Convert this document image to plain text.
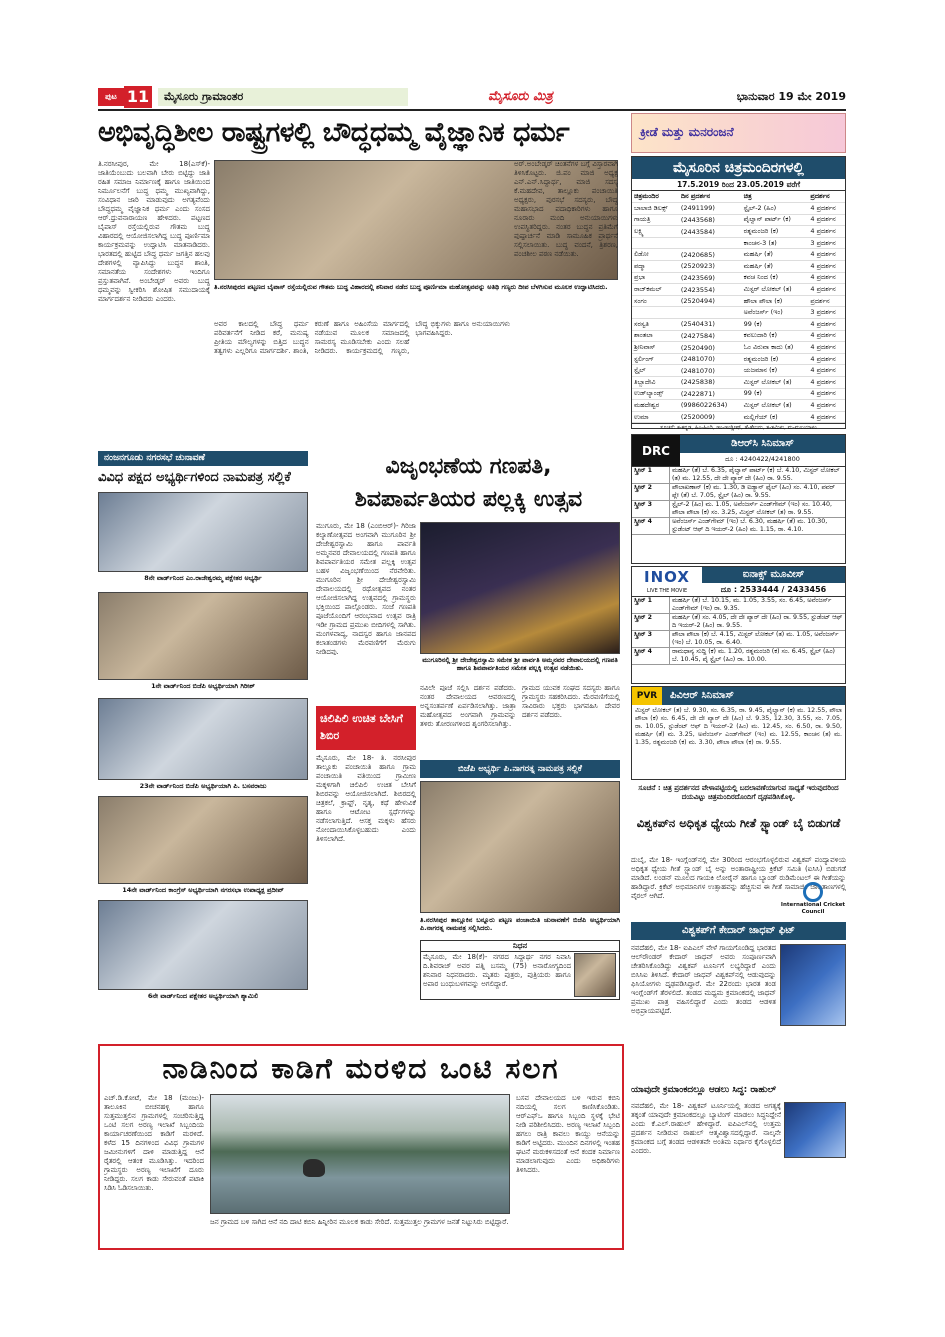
ಪುಟ 11	ಮೈಸೂರು ಗ್ರಾಮಾಂತರ	ಮೈಸೂರು ಮಿತ್ರ	ಭಾನುವಾರ 19 ಮೇ 2019
ಅಭಿವೃದ್ಧಿಶೀಲ ರಾಷ್ಟ್ರಗಳಲ್ಲಿ ಬೌದ್ಧಧಮ್ಮ ವೈಜ್ಞಾನಿಕ ಧರ್ಮ
ತಿ.ನರಸೀಪುರ, ಮೇ 18(ಎಸ್‌ಕೆ)- ಜಾತಿಯೆಂಬುದು ಬಲವಾಗಿ ಬೇರು ಬಿಟ್ಟಿದ್ದು ಜಾತಿ ರಹಿತ ಸಮಾಜ ನಿರ್ಮಾಣಕ್ಕೆ ಹಾಗೂ ಜಾತಿಯಿಂದ ನಿರ್ಮೂಲನೆಗೆ ಬುದ್ಧ ಧಮ್ಮ ಮುಖ್ಯವಾಗಿದ್ದು, ಸಂವಿಧಾನ ಜಾರಿ ಮಾಡುವುದು ಅಗತ್ಯವೆಂದು ಬೌದ್ಧಧಮ್ಮ ವೈಜ್ಞಾನಿಕ ಧರ್ಮ ಎಂದು ಸಂಸದ ಆರ್.ಧ್ರುವನಾರಾಯಣ ಹೇಳಿದರು. ಪಟ್ಟಣದ ಬೈಪಾಸ್ ರಸ್ತೆಯಲ್ಲಿರುವ ಗೌತಮ ಬುದ್ಧ ವಿಹಾರದಲ್ಲಿ ಆಯೋಜಿಸಲಾಗಿದ್ದ ಬುದ್ಧ ಪೂರ್ಣಿಮಾ ಕಾರ್ಯಕ್ರಮವನ್ನು ಉದ್ಘಾಟಿಸಿ ಮಾತನಾಡಿದರು. ಭಾರತದಲ್ಲಿ ಹುಟ್ಟಿದ ಬೌದ್ಧ ಧರ್ಮ ಜಗತ್ತಿನ ಹಲವು ದೇಶಗಳಲ್ಲಿ ವ್ಯಾಪಿಸಿದ್ದು ಬುದ್ಧನ ಶಾಂತಿ, ಸಮಾನತೆಯ ಸಂದೇಶಗಳು ಇಂದಿಗೂ ಪ್ರಸ್ತುತವಾಗಿವೆ. ಅಂಬೇಡ್ಕರ್ ಅವರು ಬುದ್ಧ ಧಮ್ಮವನ್ನು ಸ್ವೀಕರಿಸಿ ಶೋಷಿತ ಸಮುದಾಯಕ್ಕೆ ಮಾರ್ಗದರ್ಶನ ನೀಡಿದರು ಎಂದರು.
ತಿ.ನರಸೀಪುರದ ಪಟ್ಟಣದ ಬೈಪಾಸ್ ರಸ್ತೆಯಲ್ಲಿರುವ ಗೌತಮ ಬುದ್ಧ ವಿಹಾರದಲ್ಲಿ ಶನಿವಾರ ನಡೆದ ಬುದ್ಧ ಪೂರ್ಣಿಮಾ ಮಹೋತ್ಸವವನ್ನು ಅತಿಥಿ ಗಣ್ಯರು ದೀಪ ಬೆಳಗಿಸುವ ಮೂಲಕ ಉದ್ಘಾಟಿಸಿದರು.
ಅವರ ಕಾಲದಲ್ಲಿ ಬೌದ್ಧ ಧರ್ಮ ಪರಿವರ್ತನೆಗೆ ನೀಡಿದ ಕರೆ, ಮನುಷ್ಯ ಪ್ರೀತಿಯ ಮೌಲ್ಯಗಳನ್ನು ಬಿತ್ತಿದ ಬುದ್ಧನ ತತ್ವಗಳು ಎಲ್ಲರಿಗೂ ಮಾರ್ಗದರ್ಶಿ. ಶಾಂತಿ, ಕರುಣೆ ಹಾಗೂ ಅಹಿಂಸೆಯ ಮಾರ್ಗದಲ್ಲಿ ನಡೆಯುವ ಮೂಲಕ ಸಮಾಜದಲ್ಲಿ ಸಾಮರಸ್ಯ ಮೂಡಿಸಬೇಕು ಎಂದು ಸಲಹೆ ನೀಡಿದರು. ಕಾರ್ಯಕ್ರಮದಲ್ಲಿ ಗಣ್ಯರು, ಬೌದ್ಧ ಭಿಕ್ಕುಗಳು ಹಾಗೂ ಅನುಯಾಯಿಗಳು ಭಾಗವಹಿಸಿದ್ದರು.
ಅರ್.ಅಂಬೇಡ್ಕರ್ ಚಿಂತನೆಗಳ ಬಗ್ಗೆ ವಿಸ್ತಾರವಾಗಿ ತಿಳಿಸಿಕೊಟ್ಟರು. ಜಿ.ಪಂ ಮಾಜಿ ಅಧ್ಯಕ್ಷ ಎನ್.ಎನ್.ಸಿದ್ದಾರ್ಥ, ಮಾಜಿ ಸದಸ್ಯ ಕೆ.ಮಹದೇವ, ತಾಲ್ಲೂಕು ಪಂಚಾಯಿತಿ ಅಧ್ಯಕ್ಷರು, ಪುರಸಭೆ ಸದಸ್ಯರು, ಬೌದ್ಧ ಮಹಾಸಭಾದ ಪದಾಧಿಕಾರಿಗಳು ಹಾಗೂ ನೂರಾರು ಮಂದಿ ಅನುಯಾಯಿಗಳು ಉಪಸ್ಥಿತರಿದ್ದರು. ನಂತರ ಬುದ್ಧನ ಪ್ರತಿಮೆಗೆ ಪುಷ್ಪಾರ್ಚನೆ ಮಾಡಿ ಸಾಮೂಹಿಕ ಪ್ರಾರ್ಥನೆ ಸಲ್ಲಿಸಲಾಯಿತು. ಬುದ್ಧ ವಂದನೆ, ತ್ರಿಶರಣ, ಪಂಚಶೀಲ ಪಠಣ ನಡೆಯಿತು.
ಕ್ರೀಡೆ ಮತ್ತು ಮನರಂಜನೆ
ಮೈಸೂರಿನ ಚಿತ್ರಮಂದಿರಗಳಲ್ಲಿ
17.5.2019 ರಿಂದ 23.05.2019 ವರೆಗೆ
ಚಿತ್ರಮಂದಿರ	ದಿನ ಪ್ರದರ್ಶನ	ಚಿತ್ರ	ಪ್ರದರ್ಶನ
ಬಾಲಾಜಿ ಡಿಲಕ್ಸ್	(2491199)	ಸ್ಟೈಲ್-2 (ಹಿಂ)	4 ಪ್ರದರ್ಶನ
ಗಾಯತ್ರಿ	(2443568)	ಪೈಲ್ವಾನ್ ಪಾರ್ಟ್ (ಕ)	4 ಪ್ರದರ್ಶನ
ಲಕ್ಷ್ಮಿ	(2443584)	ರತ್ನಮಂಜರಿ (ಕ)	4 ಪ್ರದರ್ಶನ
		ಕಾಂಚನ-3 (ತ)	3 ಪ್ರದರ್ಶನ
ಲಿಡೋ	(2420685)	ಮಹರ್ಷಿ (ತೆ)	4 ಪ್ರದರ್ಶನ
ಪದ್ಮಾ	(2520923)	ಮಹರ್ಷಿ (ತೆ)	4 ಪ್ರದರ್ಶನ
ಪ್ರಭಾ	(2423569)	ಕವಚ ನಿಂದ (ಕ)	4 ಪ್ರದರ್ಶನ
ರಾಜ್‌ಕಮಲ್	(2423554)	ಮಿಸ್ಟರ್ ಲೋಕಲ್ (ತ)	4 ಪ್ರದರ್ಶನ
ಸಂಗಂ	(2520494)	ಹೌಲಾ ಪೌಲಾ (ಕ)	ಪ್ರದರ್ಶನ
		ಅವೆಂಜರ್ಸ್ (ಇಂ)	3 ಪ್ರದರ್ಶನ
ಸರಸ್ವತಿ	(2540431)	99 (ಕ)	4 ಪ್ರದರ್ಶನ
ಶಾಂತಲಾ	(2427584)	ಕವಲುದಾರಿ (ಕ)	4 ಪ್ರದರ್ಶನ
ಶ್ರೀನಿವಾಸ್	(2520490)	ಓಂ ವಿರುವಾ ಕಾದು (ತ)	4 ಪ್ರದರ್ಶನ
ಸ್ಟರ್ಲಿಂಗ್	(2481070)	ರತ್ನಮಂಜರಿ (ಕ)	4 ಪ್ರದರ್ಶನ
ಸ್ಟೈಲ್	(2481070)	ಯಜಮಾನ (ಕ)	4 ಪ್ರದರ್ಶನ
ತಿಬ್ಬಾದೇವಿ	(2425838)	ಮಿಸ್ಟರ್ ಲೋಕಲ್ (ತ)	4 ಪ್ರದರ್ಶನ
ಉಡ್‌ಲ್ಯಾಂಡ್ಸ್	(2422871)	99 (ಕ)	4 ಪ್ರದರ್ಶನ
ಮಹದೇಶ್ವರ	(9986022634)	ಮಿಸ್ಟರ್ ಲೋಕಲ್ (ತ)	4 ಪ್ರದರ್ಶನ
ಉಮಾ	(2520009)	ಮಲ್ಲಿಗೆಯ್ (ಕ)	4 ಪ್ರದರ್ಶನ
ಸೂಚನೆ: ಕ-ಕನ್ನಡ, ಹಿಂ-ಹಿಂದಿ, ಇಂ-ಇಂಗ್ಲೀಷ್, ತೆ-ತೆಲುಗು, ತ-ತಮಿಳು, ಮ-ಮಲಯಾಳಂ
ನಂಜನಗೂಡು ನಗರಸಭೆ ಚುನಾವಣೆ
ವಿವಿಧ ಪಕ್ಷದ ಅಭ್ಯರ್ಥಿಗಳಿಂದ ನಾಮಪತ್ರ ಸಲ್ಲಿಕೆ
8ನೇ ವಾರ್ಡ್‌ನಿಂದ ಎಂ.ರಾಜೇಶ್ವರಮ್ಮ ಪಕ್ಷೇತರ ಅಭ್ಯರ್ಥಿ
1ನೇ ವಾರ್ಡ್‌ನಿಂದ ಬಿಜೆಪಿ ಅಭ್ಯರ್ಥಿಯಾಗಿ ಗಿರೀಶ್
23ನೇ ವಾರ್ಡ್‌ನಿಂದ ಬಿಜೆಪಿ ಅಭ್ಯರ್ಥಿಯಾಗಿ ಪಿ. ಬಸವರಾಜು
14ನೇ ವಾರ್ಡ್‌ನಿಂದ ಕಾಂಗ್ರೆಸ್ ಅಭ್ಯರ್ಥಿಯಾಗಿ ನಗರಸಭಾ ಉಪಾಧ್ಯಕ್ಷ ಪ್ರದೀಪ್
6ನೇ ವಾರ್ಡ್‌ನಿಂದ ಪಕ್ಷೇತರ ಅಭ್ಯರ್ಥಿಯಾಗಿ ಶ್ಯಾಮಿಲಿ
ವಿಜೃಂಭಣೆಯ ಗಣಪತಿ,
ಶಿವಪಾರ್ವತಿಯರ ಪಲ್ಲಕ್ಕಿ ಉತ್ಸವ
ಮುಗೂರು, ಮೇ 18 (ಎಂಬಿಆರ್)- ಗಿರಿಜಾ ಕಲ್ಯಾಣೋತ್ಸವದ ಅಂಗವಾಗಿ ಮುಗೂರಿನ ಶ್ರೀ ದೇಜೇಶ್ವರಸ್ವಾಮಿ ಹಾಗೂ ಪಾರ್ವತಿ ಅಮ್ಮನವರ ದೇವಾಲಯದಲ್ಲಿ ಗಣಪತಿ ಹಾಗೂ ಶಿವಪಾರ್ವತಿಯರ ಸಮೇತ ಪಲ್ಲಕ್ಕಿ ಉತ್ಸವ ಬಹಳ ವಿಜೃಂಭಣೆಯಿಂದ ನೆರವೇರಿತು. ಮುಗೂರಿನ ಶ್ರೀ ದೇಜೇಶ್ವರಸ್ವಾಮಿ ದೇವಾಲಯದಲ್ಲಿ ರಥೋತ್ಸವದ ನಂತರ ಆಯೋಜಿಸಲಾಗಿದ್ದ ಉತ್ಸವದಲ್ಲಿ ಗ್ರಾಮಸ್ಥರು ಭಕ್ತಿಯಿಂದ ಪಾಲ್ಗೊಂಡರು. ಸಂಜೆ ಗಣಪತಿ ಪೂಜೆಯೊಂದಿಗೆ ಆರಂಭವಾದ ಉತ್ಸವ ರಾತ್ರಿ ಇಡೀ ಗ್ರಾಮದ ಪ್ರಮುಖ ಬೀದಿಗಳಲ್ಲಿ ಸಾಗಿತು. ಮಂಗಳವಾದ್ಯ, ನಾದಸ್ವರ ಹಾಗೂ ಜಾನಪದ ಕಲಾತಂಡಗಳು ಮೆರವಣಿಗೆಗೆ ಮೆರುಗು ನೀಡಿದವು.
ಮುಗೂರಿನಲ್ಲಿ ಶ್ರೀ ದೇಜೇಶ್ವರಸ್ವಾಮಿ ಸಮೇತ ಶ್ರೀ ಪಾರ್ವತಿ ಅಮ್ಮನವರ ದೇವಾಲಯದಲ್ಲಿ ಗಣಪತಿ ಹಾಗೂ ಶಿವಪಾರ್ವತಿಯರ ಸಮೇತ ಪಲ್ಲಕ್ಕಿ ಉತ್ಸವ ನಡೆಯಿತು.
ನವಿಲೇ ಪೂಜೆ ಸಲ್ಲಿಸಿ ದರ್ಶನ ಪಡೆದರು. ನಂತರ ದೇವಾಲಯದ ಆವರಣದಲ್ಲಿ ಅನ್ನಸಂತರ್ಪಣೆ ಏರ್ಪಡಿಸಲಾಗಿತ್ತು. ಜಾತ್ರಾ ಮಹೋತ್ಸವದ ಅಂಗವಾಗಿ ಗ್ರಾಮವನ್ನು ತಳಿರು ತೋರಣಗಳಿಂದ ಶೃಂಗರಿಸಲಾಗಿತ್ತು.
ಗ್ರಾಮದ ಯುವಕ ಸಂಘದ ಸದಸ್ಯರು ಹಾಗೂ ಗ್ರಾಮಸ್ಥರು ಸಹಕರಿಸಿದರು. ಮೆರವಣಿಗೆಯಲ್ಲಿ ಸಾವಿರಾರು ಭಕ್ತರು ಭಾಗವಹಿಸಿ ದೇವರ ದರ್ಶನ ಪಡೆದರು.
ಚಿಲಿಪಿಲಿ ಉಚಿತ ಬೇಸಿಗೆ ಶಿಬಿರ
ಮೈಸೂರು, ಮೇ 18- ತಿ. ನರಸೀಪುರ ತಾಲ್ಲೂಕು ಪಂಚಾಯಿತಿ ಹಾಗೂ ಗ್ರಾಮ ಪಂಚಾಯಿತಿ ವತಿಯಿಂದ ಗ್ರಾಮೀಣ ಮಕ್ಕಳಿಗಾಗಿ ಚಿಲಿಪಿಲಿ ಉಚಿತ ಬೇಸಿಗೆ ಶಿಬಿರವನ್ನು ಆಯೋಜಿಸಲಾಗಿದೆ. ಶಿಬಿರದಲ್ಲಿ ಚಿತ್ರಕಲೆ, ಕ್ರಾಫ್ಟ್, ನೃತ್ಯ, ಕಥೆ ಹೇಳುವಿಕೆ ಹಾಗೂ ಆಟೋಟ ಸ್ಪರ್ಧೆಗಳನ್ನು ನಡೆಸಲಾಗುತ್ತಿದೆ. ಆಸಕ್ತ ಮಕ್ಕಳು ಹೆಸರು ನೋಂದಾಯಿಸಿಕೊಳ್ಳಬಹುದು ಎಂದು ತಿಳಿಸಲಾಗಿದೆ.
ಬಿಜೆಪಿ ಅಭ್ಯರ್ಥಿ ಪಿ.ನಾಗರತ್ನ ನಾಮಪತ್ರ ಸಲ್ಲಿಕೆ
ತಿ.ನರಸೀಪುರ ತಾಲ್ಲೂಕಿನ ಬನ್ನೂರು ಪಟ್ಟಣ ಪಂಚಾಯಿತಿ ಚುನಾವಣೆಗೆ ಬಿಜೆಪಿ ಅಭ್ಯರ್ಥಿಯಾಗಿ ಪಿ.ನಾಗರತ್ನ ನಾಮಪತ್ರ ಸಲ್ಲಿಸಿದರು.
ನಿಧನ
ಮೈಸೂರು, ಮೇ 18(ಕೆ)- ನಗರದ ಸಿದ್ದಾರ್ಥ ನಗರ ನಿವಾಸಿ ದಿ.ಶಿವರಾಜ್ ಅವರ ಪತ್ನಿ ಬಸಮ್ಮ (75) ಅನಾರೋಗ್ಯದಿಂದ ಶನಿವಾರ ನಿಧನರಾದರು. ಮೃತರು ಪುತ್ರರು, ಪುತ್ರಿಯರು ಹಾಗೂ ಅಪಾರ ಬಂಧುಬಳಗವನ್ನು ಅಗಲಿದ್ದಾರೆ.
DRC
ಡಿಆರ್‌ಸಿ ಸಿನಿಮಾಸ್
ದೂ : 4240422/4241800
ಸ್ಕ್ರೀನ್ 1	ಮಹರ್ಷಿ (ತೆ) ಬೆ. 6.35, ಪೈಲ್ವಾನ್ ಪಾರ್ಟ್ (ಕ) ಬೆ. 4.10, ಮಿಸ್ಟರ್ ಲೋಕಲ್ (ತ) ಮ. 12.55, ದೇ ದೇ ಪ್ಯಾರ್ ದೇ (ಹಿಂ) ರಾ. 9.55.
ಸ್ಕ್ರೀನ್ 2	ಪೌಲಾಖಣಾನ್ (ಕ) ಮ. 1.30, ಡಿ ಐಡ್ಯಾನ್ ಫೈಲ್ (ಹಿಂ) ಸಂ. 4.10, ಪವರ್ ಪ್ಲೇ (ತೆ) ಬೆ. 7.05, ಸ್ಟೈಲ್ (ಹಿಂ) ರಾ. 9.55.
ಸ್ಕ್ರೀನ್ 3	ಸ್ಟೈಲ್-2 (ಹಿಂ) ಮ. 1.05, ಅವೆಂಜರ್ಸ್ ಎಂಡ್‌ಗೇಮ್ (ಇಂ) ಸಂ. 10.40, ಪೌಲಾ ಪೌಲಾ (ಕ) ಸಂ. 3.25, ಮಿಸ್ಟರ್ ಲೋಕಲ್ (ತ) ರಾ. 9.55.
ಸ್ಕ್ರೀನ್ 4	ಅವೆಂಜರ್ಸ್ ಎಂಡ್‌ಗೇಮ್ (ಇಂ) ಬೆ. 6.30, ಮಹರ್ಷಿ (ತೆ) ಮ. 10.30, ಸ್ಟುಡೆಂಟ್ ಆಫ್ ದಿ ಇಯರ್-2 (ಹಿಂ) ಮ. 1.15, ರಾ. 4.10.
INOX
LIVE THE MOVIE
ಐನಾಕ್ಸ್ ಮೂವೀಸ್
ದೂ : 2533444 / 2433456
ಸ್ಕ್ರೀನ್ 1	ಮಹರ್ಷಿ (ತೆ) ಬೆ. 10.15, ಮ. 1.05, 3.55, ಸಂ. 6.45, ಅವೆಂಜರ್ಸ್ ಎಂಡ್‌ಗೇಮ್ (ಇಂ) ರಾ. 9.35.
ಸ್ಕ್ರೀನ್ 2	ಮಹರ್ಷಿ (ತೆ) ಸಂ. 4.05, ದೇ ದೇ ಪ್ಯಾರ್ ದೇ (ಹಿಂ) ರಾ. 9.55, ಸ್ಟುಡೆಂಟ್ ಆಫ್ ದಿ ಇಯರ್-2 (ಹಿಂ) ರಾ. 9.55.
ಸ್ಕ್ರೀನ್ 3	ಪೌಲಾ ಪೌಲಾ (ಕ) ಬೆ. 4.15, ಮಿಸ್ಟರ್ ಲೋಕಲ್ (ತ) ಮ. 1.05, ಅವೆಂಜರ್ಸ್ (ಇಂ) ಬೆ. 10.05, ರಾ. 6.40.
ಸ್ಕ್ರೀನ್ 4	ರಾಮಧಾನ್ಯ ಸುದ್ದಿ (ಕ) ಮ. 1.20, ರತ್ನಮಂಜರಿ (ಕ) ಸಂ. 6.45, ಸ್ಟೈಲ್ (ಹಿಂ) ಬೆ. 10.45, ಪೈ ಸ್ಟೈಲ್ (ಹಿಂ) ರಾ. 10.00.
PVR	ಪಿವಿಆರ್ ಸಿನಿಮಾಸ್
ಮಿಸ್ಟರ್ ಲೋಕಲ್ (ತ) ಬೆ. 9.30, ಸಂ. 6.35, ರಾ. 9.45, ಪೈಲ್ವಾನ್ (ಕ) ಮ. 12.55, ಪೌಲಾ ಪೌಲಾ (ಕ) ಸಂ. 6.45, ದೇ ದೇ ಪ್ಯಾರ್ ದೇ (ಹಿಂ) ಬೆ. 9.35, 12.30, 3.55, ಸಂ. 7.05, ರಾ. 10.05, ಸ್ಟುಡೆಂಟ್ ಆಫ್ ದಿ ಇಯರ್-2 (ಹಿಂ) ಮ. 12.45, ಸಂ. 6.50, ರಾ. 9.50, ಮಹರ್ಷಿ (ತೆ) ಮ. 3.25, ಅವೆಂಜರ್ಸ್ ಎಂಡ್‌ಗೇಮ್ (ಇಂ) ಮ. 12.55, ಕಾಂಚನ (ತ) ಮ. 1.35, ರತ್ನಮಂಜರಿ (ಕ) ಮ. 3.30, ಪೌಲಾ ಪೌಲಾ (ಕ) ರಾ. 9.55.
ಸೂಚನೆ : ಚಿತ್ರ ಪ್ರದರ್ಶನದ ವೇಳಾಪಟ್ಟಿಯಲ್ಲಿ ಬದಲಾವಣೆಯಾಗುವ ಸಾಧ್ಯತೆ ಇರುವುದರಿಂದ ದಯವಿಟ್ಟು ಚಿತ್ರಮಂದಿರದೊಂದಿಗೆ ದೃಢಪಡಿಸಿಕೊಳ್ಳಿ.
ವಿಶ್ವಕಪ್‌ನ ಅಧಿಕೃತ ಧ್ಯೇಯ ಗೀತೆ ಸ್ಟ್ಯಾಂಡ್ ಬೈ ಬಿಡುಗಡೆ
ದುಬೈ, ಮೇ 18- ಇಂಗ್ಲೆಂಡ್‌ನಲ್ಲಿ ಮೇ 30ರಿಂದ ಆರಂಭಗೊಳ್ಳಲಿರುವ ವಿಶ್ವಕಪ್ ಪಂದ್ಯಾವಳಿಯ ಅಧಿಕೃತ ಧ್ಯೇಯ ಗೀತೆ ಸ್ಟ್ಯಾಂಡ್ ಬೈ ಅನ್ನು ಅಂತಾರಾಷ್ಟ್ರೀಯ ಕ್ರಿಕೆಟ್ ಸಮಿತಿ (ಐಸಿಸಿ) ಬಿಡುಗಡೆ ಮಾಡಿದೆ. ಲಂಡನ್ ಮೂಲದ ಗಾಯಕಿ ಲೋರೈನ್ ಹಾಗೂ ಬ್ಯಾಂಡ್ ರುಡಿಮೆಂಟಲ್ ಈ ಗೀತೆಯನ್ನು ಹಾಡಿದ್ದಾರೆ. ಕ್ರಿಕೆಟ್ ಅಭಿಮಾನಿಗಳ ಉತ್ಸಾಹವನ್ನು ಹೆಚ್ಚಿಸುವ ಈ ಗೀತೆ ಸಾಮಾಜಿಕ ಜಾಲತಾಣಗಳಲ್ಲಿ ವೈರಲ್ ಆಗಿದೆ.
International Cricket Council
ವಿಶ್ವಕಪ್‌ಗೆ ಕೇದಾರ್ ಜಾಧವ್ ಫಿಟ್
ನವದೆಹಲಿ, ಮೇ 18- ಐಪಿಎಲ್ ವೇಳೆ ಗಾಯಗೊಂಡಿದ್ದ ಭಾರತದ ಆಲ್‌ರೌಂಡರ್ ಕೇದಾರ್ ಜಾಧವ್ ಅವರು ಸಂಪೂರ್ಣವಾಗಿ ಚೇತರಿಸಿಕೊಂಡಿದ್ದು ವಿಶ್ವಕಪ್ ಟೂರ್ನಿಗೆ ಲಭ್ಯರಿದ್ದಾರೆ ಎಂದು ಬಿಸಿಸಿಐ ತಿಳಿಸಿದೆ. ಕೇದಾರ್ ಜಾಧವ್ ವಿಶ್ವಕಪ್‌ನಲ್ಲಿ ಆಡುವುದನ್ನು ಫಿಸಿಯೋಗಳು ದೃಢಪಡಿಸಿದ್ದಾರೆ. ಮೇ 22ರಂದು ಭಾರತ ತಂಡ ಇಂಗ್ಲೆಂಡ್‌ಗೆ ತೆರಳಲಿದೆ. ತಂಡದ ಮಧ್ಯಮ ಕ್ರಮಾಂಕದಲ್ಲಿ ಜಾಧವ್ ಪ್ರಮುಖ ಪಾತ್ರ ವಹಿಸಲಿದ್ದಾರೆ ಎಂದು ತಂಡದ ಆಡಳಿತ ಅಭಿಪ್ರಾಯಪಟ್ಟಿದೆ.
ಯಾವುದೇ ಕ್ರಮಾಂಕದಲ್ಲೂ ಆಡಲು ಸಿದ್ಧ: ರಾಹುಲ್
ನವದೆಹಲಿ, ಮೇ 18- ವಿಶ್ವಕಪ್ ಟೂರ್ನಿಯಲ್ಲಿ ತಂಡದ ಅಗತ್ಯಕ್ಕೆ ತಕ್ಕಂತೆ ಯಾವುದೇ ಕ್ರಮಾಂಕದಲ್ಲೂ ಬ್ಯಾಟಿಂಗ್ ಮಾಡಲು ಸಿದ್ಧನಿದ್ದೇನೆ ಎಂದು ಕೆ.ಎಲ್.ರಾಹುಲ್ ಹೇಳಿದ್ದಾರೆ. ಐಪಿಎಲ್‌ನಲ್ಲಿ ಉತ್ತಮ ಪ್ರದರ್ಶನ ನೀಡಿರುವ ರಾಹುಲ್ ಆತ್ಮವಿಶ್ವಾಸದಲ್ಲಿದ್ದಾರೆ. ನಾಲ್ಕನೇ ಕ್ರಮಾಂಕದ ಬಗ್ಗೆ ತಂಡದ ಆಡಳಿತವೇ ಅಂತಿಮ ನಿರ್ಧಾರ ಕೈಗೊಳ್ಳಲಿದೆ ಎಂದರು.
ನಾಡಿನಿಂದ ಕಾಡಿಗೆ ಮರಳಿದ ಒಂಟಿ ಸಲಗ
ಎಚ್.ಡಿ.ಕೋಟೆ, ಮೇ 18 (ಮಂಜು)- ತಾಲೂಕಿನ ಬೀಚನಹಳ್ಳಿ ಹಾಗೂ ಸುತ್ತಮುತ್ತಲಿನ ಗ್ರಾಮಗಳಲ್ಲಿ ಸಂಚರಿಸುತ್ತಿದ್ದ ಒಂಟಿ ಸಲಗ ಅರಣ್ಯ ಇಲಾಖೆ ಸಿಬ್ಬಂದಿಯ ಕಾರ್ಯಾಚರಣೆಯಿಂದ ಕಾಡಿಗೆ ಮರಳಿದೆ. ಕಳೆದ 15 ದಿನಗಳಿಂದ ವಿವಿಧ ಗ್ರಾಮಗಳ ಜಮೀನುಗಳಿಗೆ ದಾಳಿ ಮಾಡುತ್ತಿದ್ದ ಆನೆ ರೈತರಲ್ಲಿ ಆತಂಕ ಮೂಡಿಸಿತ್ತು. ಇದರಿಂದ ಗ್ರಾಮಸ್ಥರು ಅರಣ್ಯ ಇಲಾಖೆಗೆ ದೂರು ನೀಡಿದ್ದರು. ಸಲಗ ಕಾಡು ಸೇರುವಂತೆ ಪಟಾಕಿ ಸಿಡಿಸಿ ಓಡಿಸಲಾಯಿತು.
ಜನ ಗ್ರಾಮದ ಬಳಿ ಸಾಗಿದ ಆನೆ ನದಿ ದಾಟಿ ಕಬಿನಿ ಹಿನ್ನೀರಿನ ಮೂಲಕ ಕಾಡು ಸೇರಿದೆ. ಸುತ್ತಮುತ್ತಲ ಗ್ರಾಮಗಳ ಜನತೆ ನಿಟ್ಟುಸಿರು ಬಿಟ್ಟಿದ್ದಾರೆ.
ಬಸವ ದೇವಾಲಯದ ಬಳಿ ಇರುವ ಕಬಿನಿ ನದಿಯಲ್ಲಿ ಸಲಗ ಕಾಣಿಸಿಕೊಂಡಿತು. ಆರ್‌ಎಫ್‌ಒ ಹಾಗೂ ಸಿಬ್ಬಂದಿ ಸ್ಥಳಕ್ಕೆ ಭೇಟಿ ನೀಡಿ ಪರಿಶೀಲಿಸಿದರು. ಅರಣ್ಯ ಇಲಾಖೆ ಸಿಬ್ಬಂದಿ ಹಗಲು ರಾತ್ರಿ ಕಾವಲು ಕಾಯ್ದು ಆನೆಯನ್ನು ಕಾಡಿಗೆ ಅಟ್ಟಿದರು. ಮುಂದಿನ ದಿನಗಳಲ್ಲಿ ಇಂತಹ ಘಟನೆ ಮರುಕಳಿಸದಂತೆ ಆನೆ ಕಂದಕ ನಿರ್ಮಾಣ ಮಾಡಲಾಗುವುದು ಎಂದು ಅಧಿಕಾರಿಗಳು ತಿಳಿಸಿದರು.
